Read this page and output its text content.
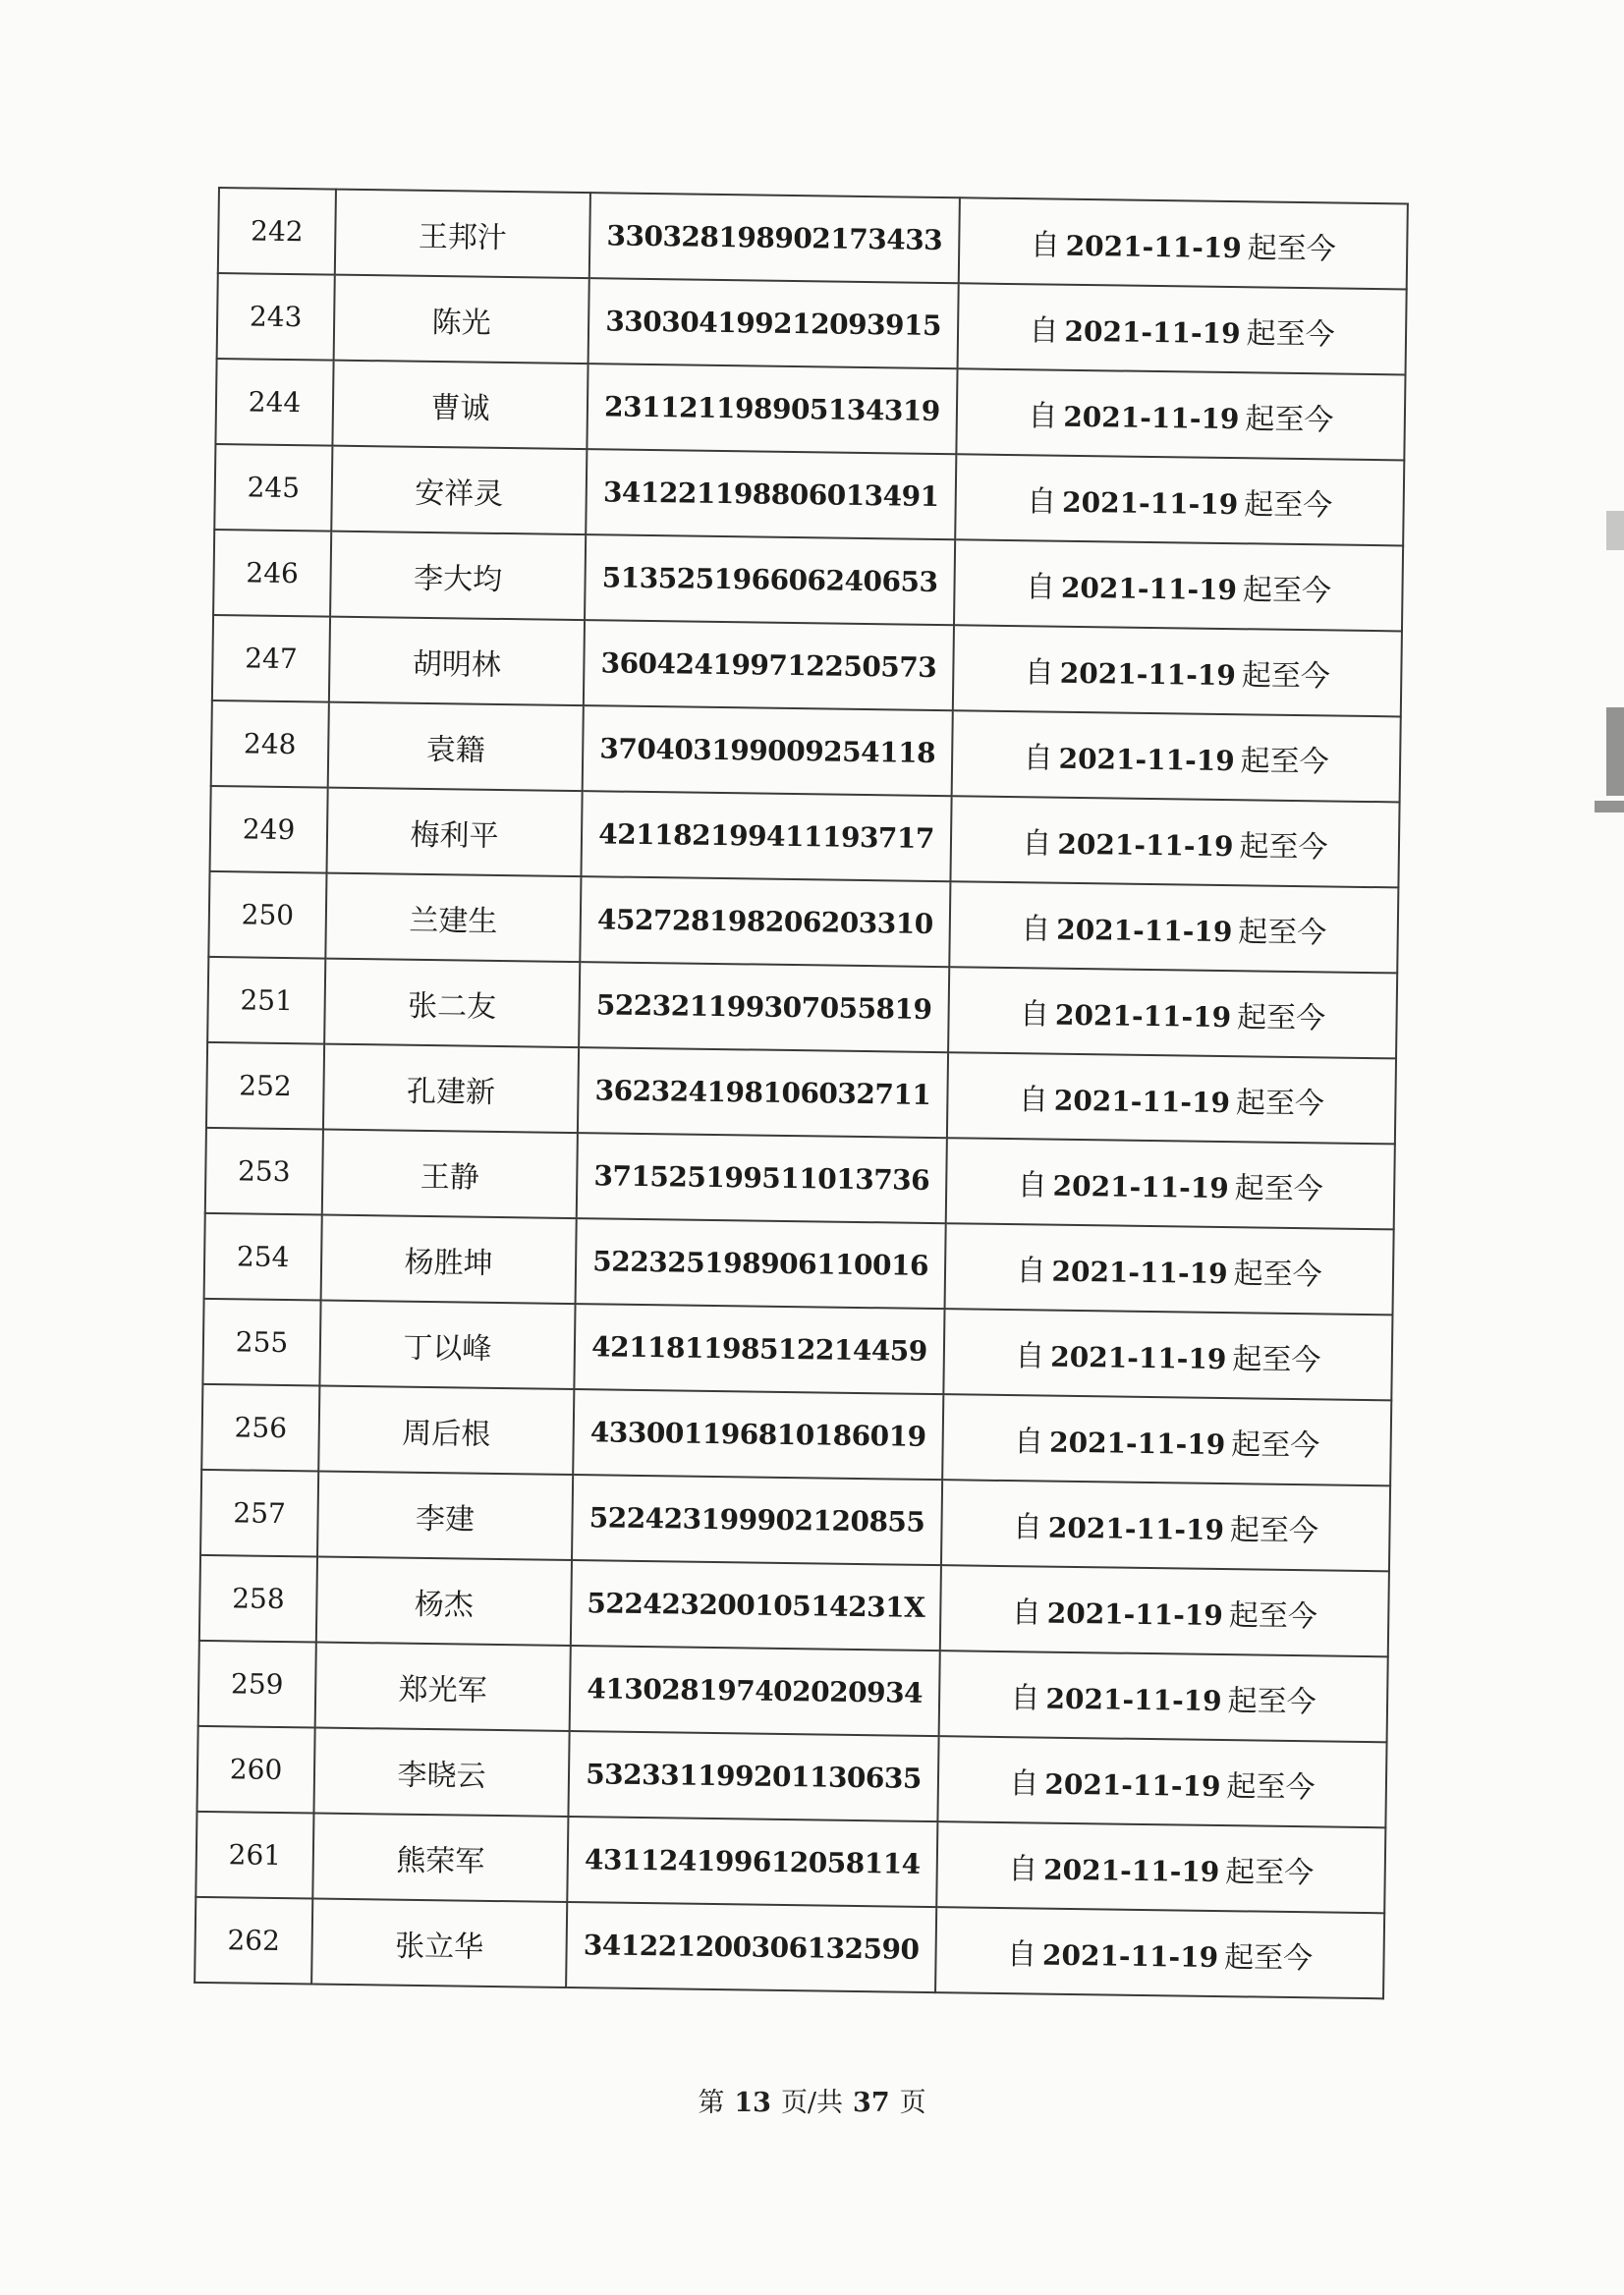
242	王邦汁	330328198902173433	自 2021-11-19 起至今
243	陈光	330304199212093915	自 2021-11-19 起至今
244	曹诚	231121198905134319	自 2021-11-19 起至今
245	安祥灵	341221198806013491	自 2021-11-19 起至今
246	李大均	513525196606240653	自 2021-11-19 起至今
247	胡明林	360424199712250573	自 2021-11-19 起至今
248	袁籍	370403199009254118	自 2021-11-19 起至今
249	梅利平	421182199411193717	自 2021-11-19 起至今
250	兰建生	452728198206203310	自 2021-11-19 起至今
251	张二友	522321199307055819	自 2021-11-19 起至今
252	孔建新	362324198106032711	自 2021-11-19 起至今
253	王静	371525199511013736	自 2021-11-19 起至今
254	杨胜坤	522325198906110016	自 2021-11-19 起至今
255	丁以峰	421181198512214459	自 2021-11-19 起至今
256	周后根	433001196810186019	自 2021-11-19 起至今
257	李建	522423199902120855	自 2021-11-19 起至今
258	杨杰	52242320010514231X	自 2021-11-19 起至今
259	郑光军	413028197402020934	自 2021-11-19 起至今
260	李晓云	532331199201130635	自 2021-11-19 起至今
261	熊荣军	431124199612058114	自 2021-11-19 起至今
262	张立华	341221200306132590	自 2021-11-19 起至今
第 13 页/共 37 页
